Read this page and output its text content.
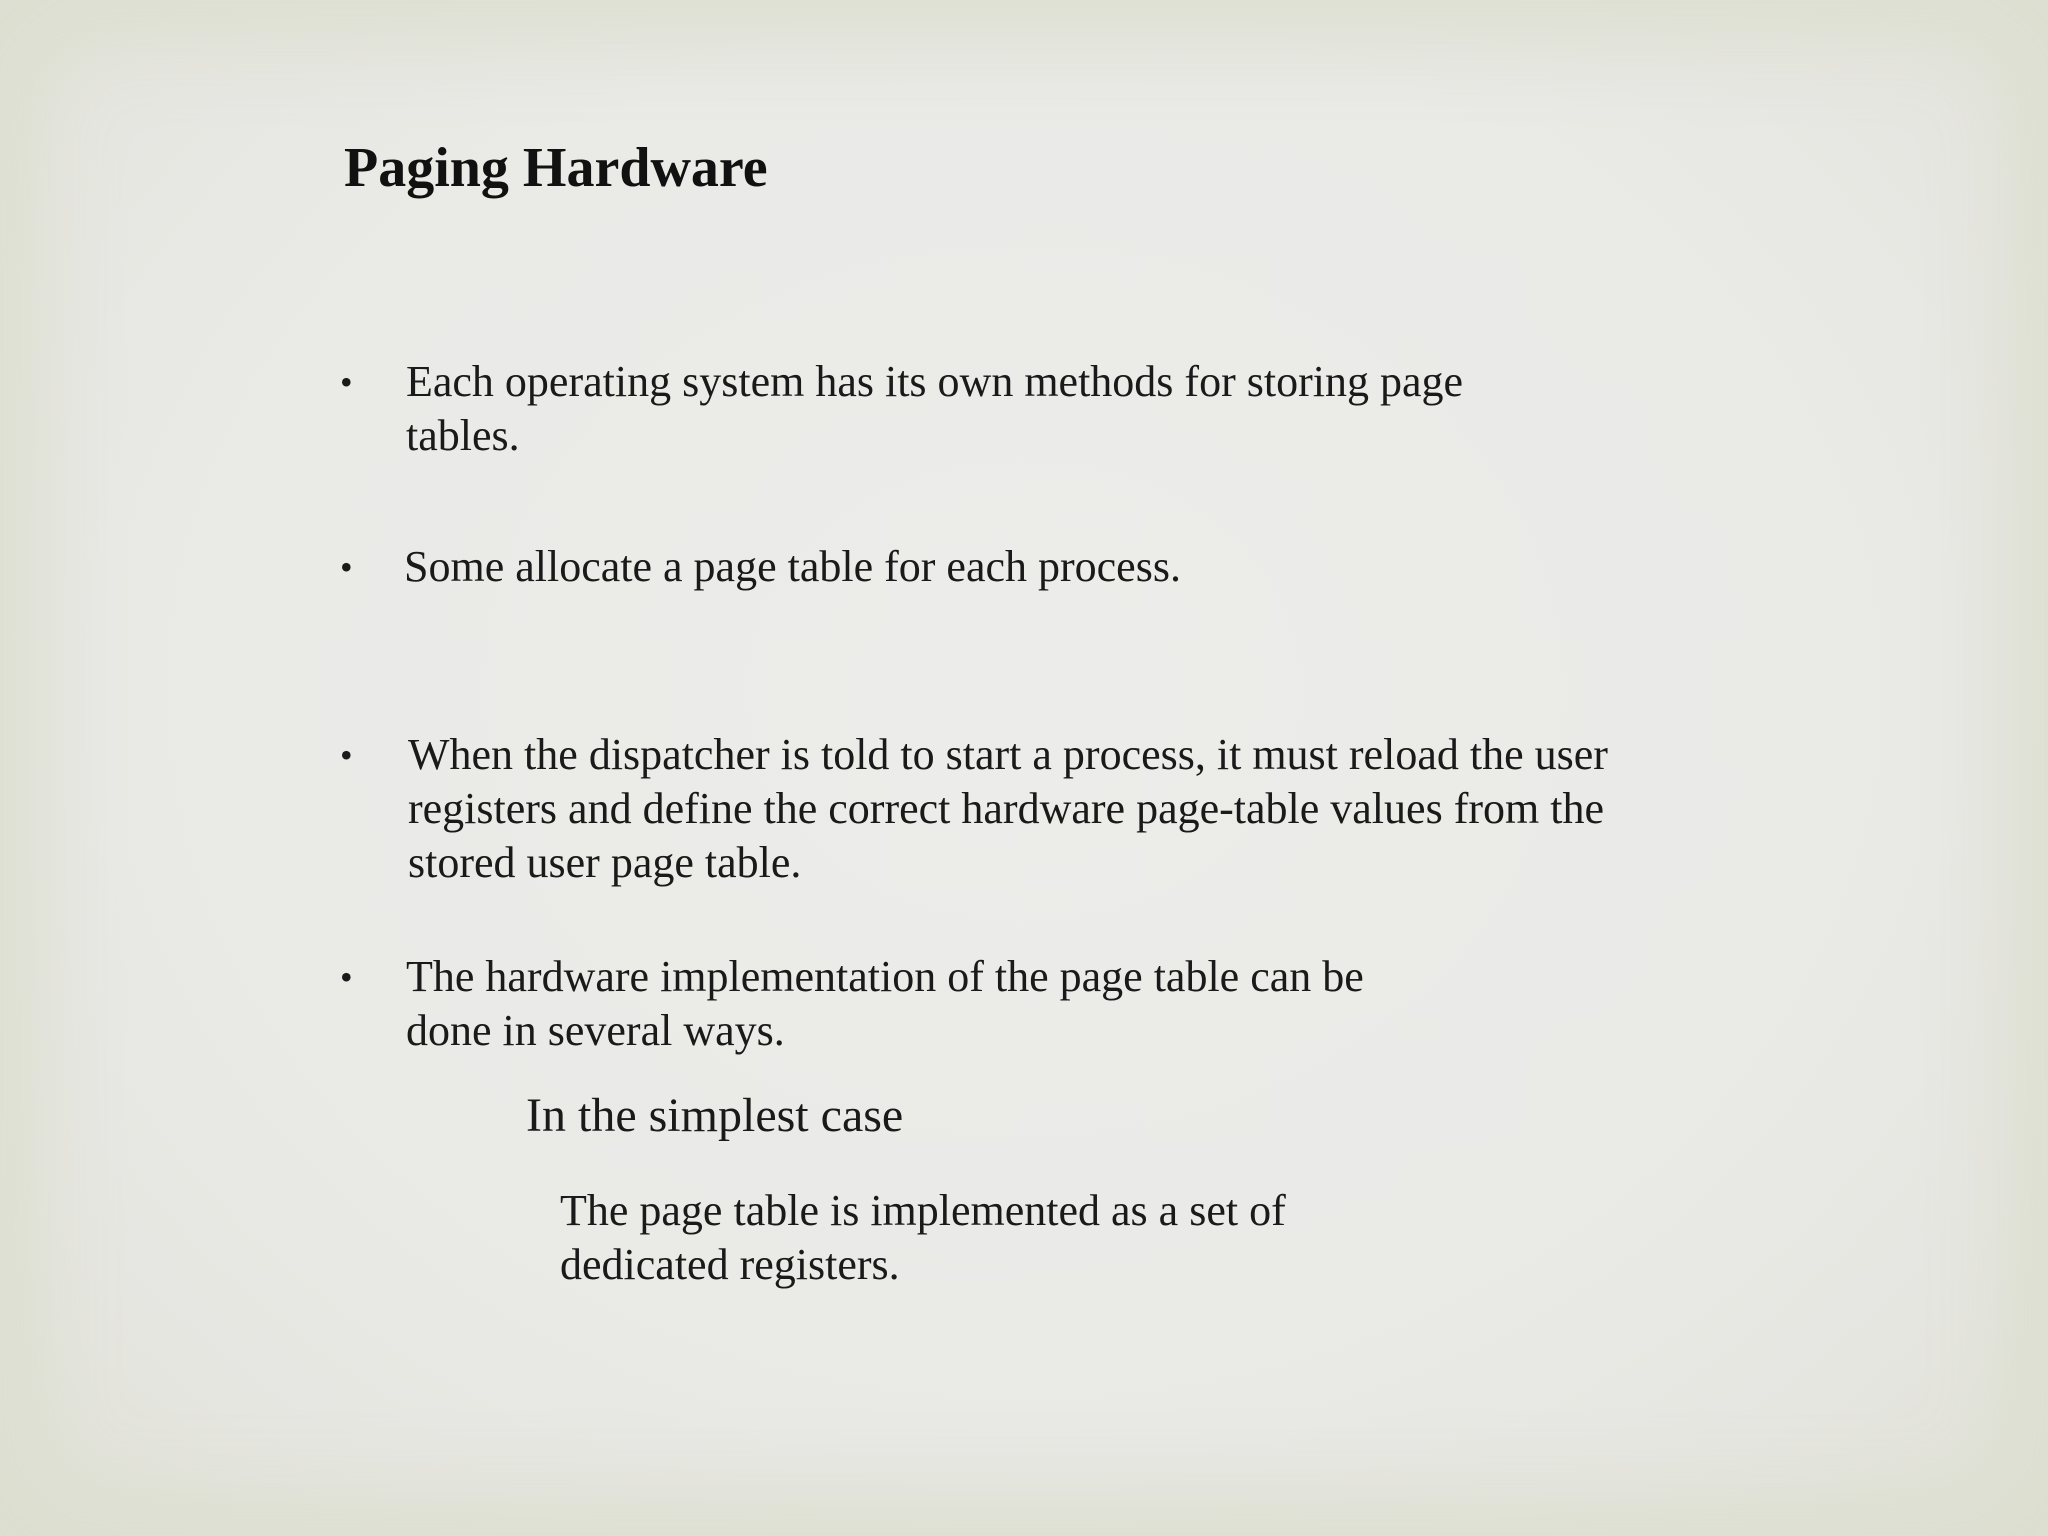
Paging Hardware
• Each operating system has its own methods for storing page
tables.
• Some allocate a page table for each process.
• When the dispatcher is told to start a process, it must reload the user
registers and define the correct hardware page-table values from the
stored user page table.
• The hardware implementation of the page table can be
done in several ways.
In the simplest case
The page table is implemented as a set of
dedicated registers.
